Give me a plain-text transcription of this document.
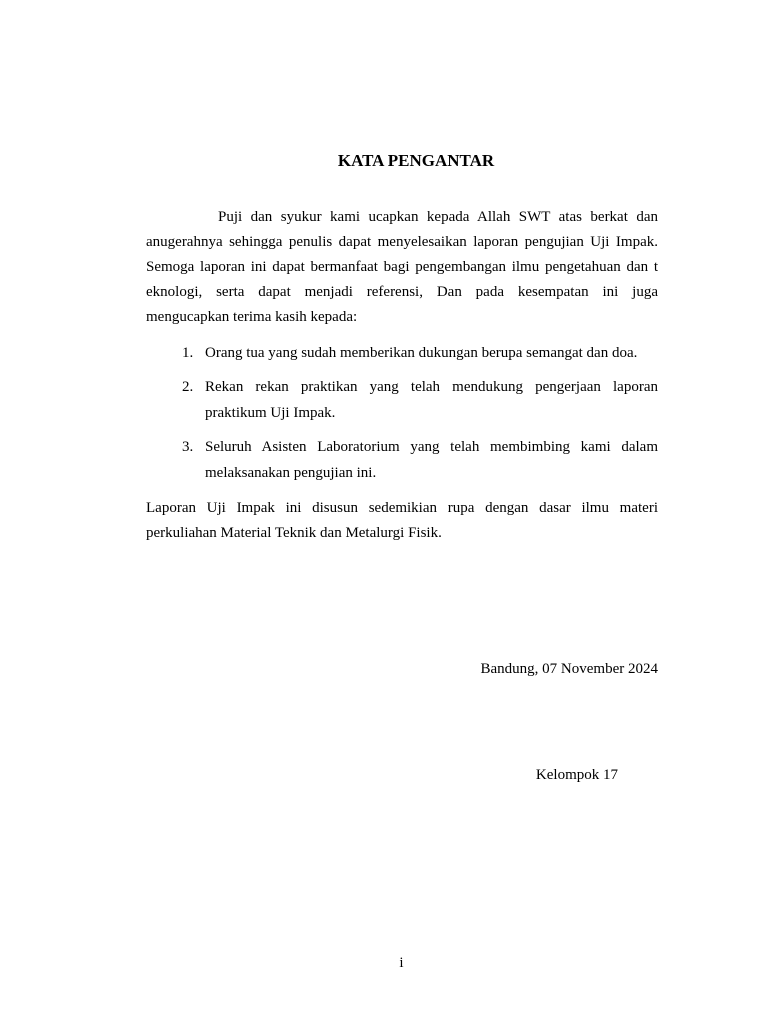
KATA PENGANTAR
Puji dan syukur kami ucapkan kepada Allah SWT atas berkat dan
anugerahnya sehingga penulis dapat menyelesaikan laporan pengujian Uji Impak.
Semoga laporan ini dapat bermanfaat bagi pengembangan ilmu pengetahuan dan t
eknologi, serta dapat menjadi referensi, Dan pada kesempatan ini juga
mengucapkan terima kasih kepada:
1. Orang tua yang sudah memberikan dukungan berupa semangat dan doa.
2. Rekan rekan praktikan yang telah mendukung pengerjaan laporan
praktikum Uji Impak.
3. Seluruh Asisten Laboratorium yang telah membimbing kami dalam
melaksanakan pengujian ini.
Laporan Uji Impak ini disusun sedemikian rupa dengan dasar ilmu materi
perkuliahan Material Teknik dan Metalurgi Fisik.
Bandung, 07 November 2024
Kelompok 17
i
